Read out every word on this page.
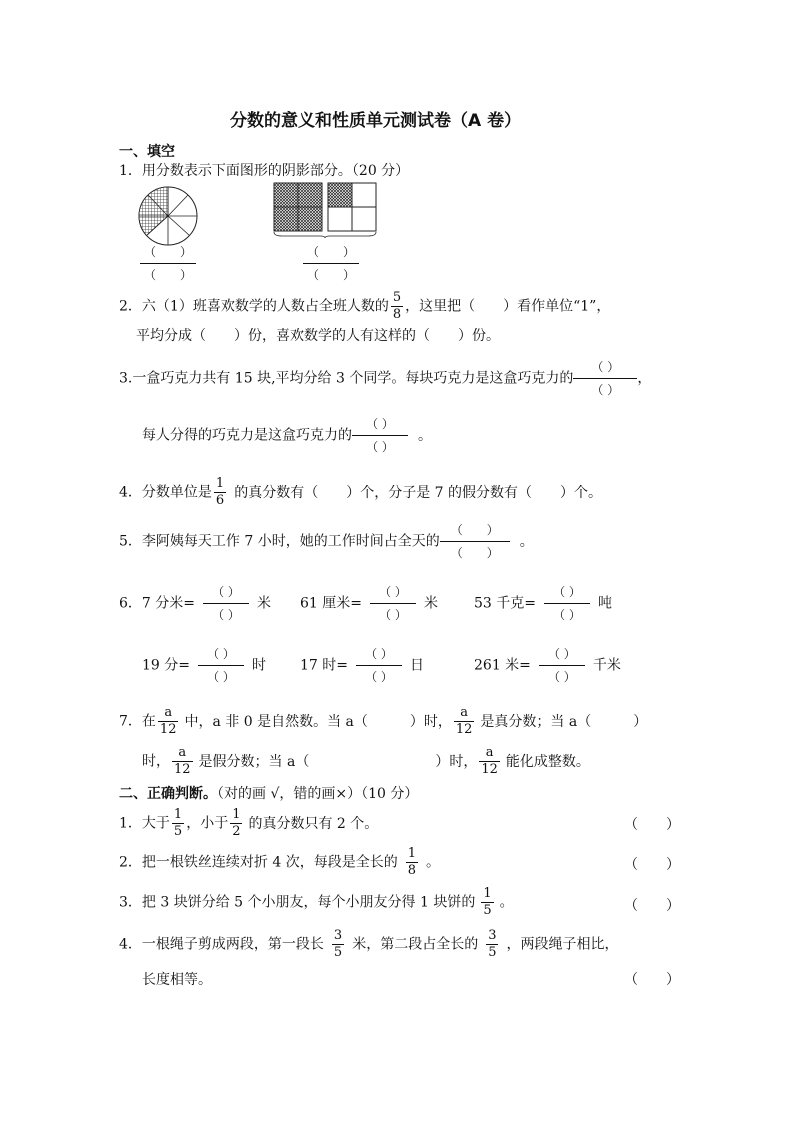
分数的意义和性质单元测试卷（A 卷）
一、填空
1．用分数表示下面图形的阴影部分。（20 分）
$\frac{( )}{( )}$	$\frac{( )}{( )}$
2．六（1）班喜欢数学的人数占全班人数的 $\frac{5}{8}$ ，这里把（　　）看作单位“1”，
平均分成（　　）份，喜欢数学的人有这样的（　　）份。
3.一盒巧克力共有 15 块,平均分给 3 个同学。每块巧克力是这盒巧克力的 $\frac{( )}{( )}$ ，
每人分得的巧克力是这盒巧克力的 $\frac{( )}{( )}$ 。
4．分数单位是 $\frac{1}{6}$ 的真分数有（　　）个，分子是 7 的假分数有（　　）个。
5．李阿姨每天工作 7 小时，她的工作时间占全天的 $\frac{( )}{( )}$ 。
6．7 分米= $\frac{( )}{( )}$ 米 61 厘米= $\frac{( )}{( )}$ 米	53 千克= $\frac{( )}{( )}$ 吨
19 分= $\frac{( )}{( )}$ 时 17 时= $\frac{( )}{( )}$ 日	261 米= $\frac{( )}{( )}$ 千米
7．在 $\frac{a}{12}$ 中，a 非 0 是自然数。当 a（　　　）时， $\frac{a}{12}$ 是真分数；当 a（　　　）
时， $\frac{a}{12}$ 是假分数；当 a（　　　　　　　　　）时， $\frac{a}{12}$ 能化成整数。
二、正确判断。（对的画 √，错的画×）（10 分）
1．大于 $\frac{1}{5}$ ，小于 $\frac{1}{2}$ 的真分数只有 2 个。	（　　）
2．把一根铁丝连续对折 4 次，每段是全长的 $\frac{1}{8}$ 。	（　　）
3．把 3 块饼分给 5 个小朋友，每个小朋友分得 1 块饼的 $\frac{1}{5}$ 。	（　　）
4．一根绳子剪成两段，第一段长 $\frac{3}{5}$ 米，第二段占全长的 $\frac{3}{5}$ ，两段绳子相比，
长度相等。	（　　）
